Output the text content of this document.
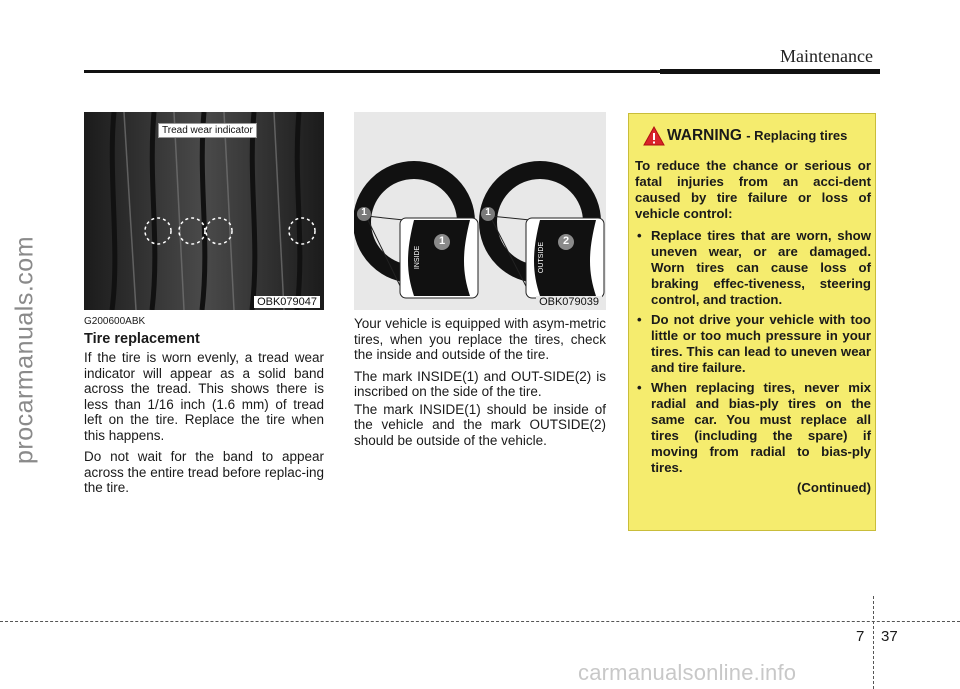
procarmanuals.com
Maintenance
Tread wear indicator
OBK079047
1	1
1	2
INSIDE	OUTSIDE
OBK079039
G200600ABK
Tire replacement

If the tire is worn evenly, a tread wear indicator will appear as a solid band across the tread. This shows there is less than 1/16 inch (1.6 mm) of tread left on the tire. Replace the tire when this happens.

Do not wait for the band to appear across the entire tread before replac-ing the tire.

Your vehicle is equipped with asym-metric tires, when you replace the tires, check the inside and outside of the tire.

The mark INSIDE(1) and OUT-SIDE(2) is inscribed on the side of the tire.

The mark INSIDE(1) should be inside of the vehicle and the mark OUTSIDE(2) should be outside of the vehicle.

WARNING - Replacing tires

To reduce the chance or serious or fatal injuries from an acci-dent caused by tire failure or loss of vehicle control:

• Replace tires that are worn, show uneven wear, or are damaged. Worn tires can cause loss of braking effec-tiveness, steering control, and traction.
• Do not drive your vehicle with too little or too much pressure in your tires. This can lead to uneven wear and tire failure.
• When replacing tires, never mix radial and bias-ply tires on the same car. You must replace all tires (including the spare) if moving from radial to bias-ply tires.
(Continued)
7 37
carmanualsonline.info
